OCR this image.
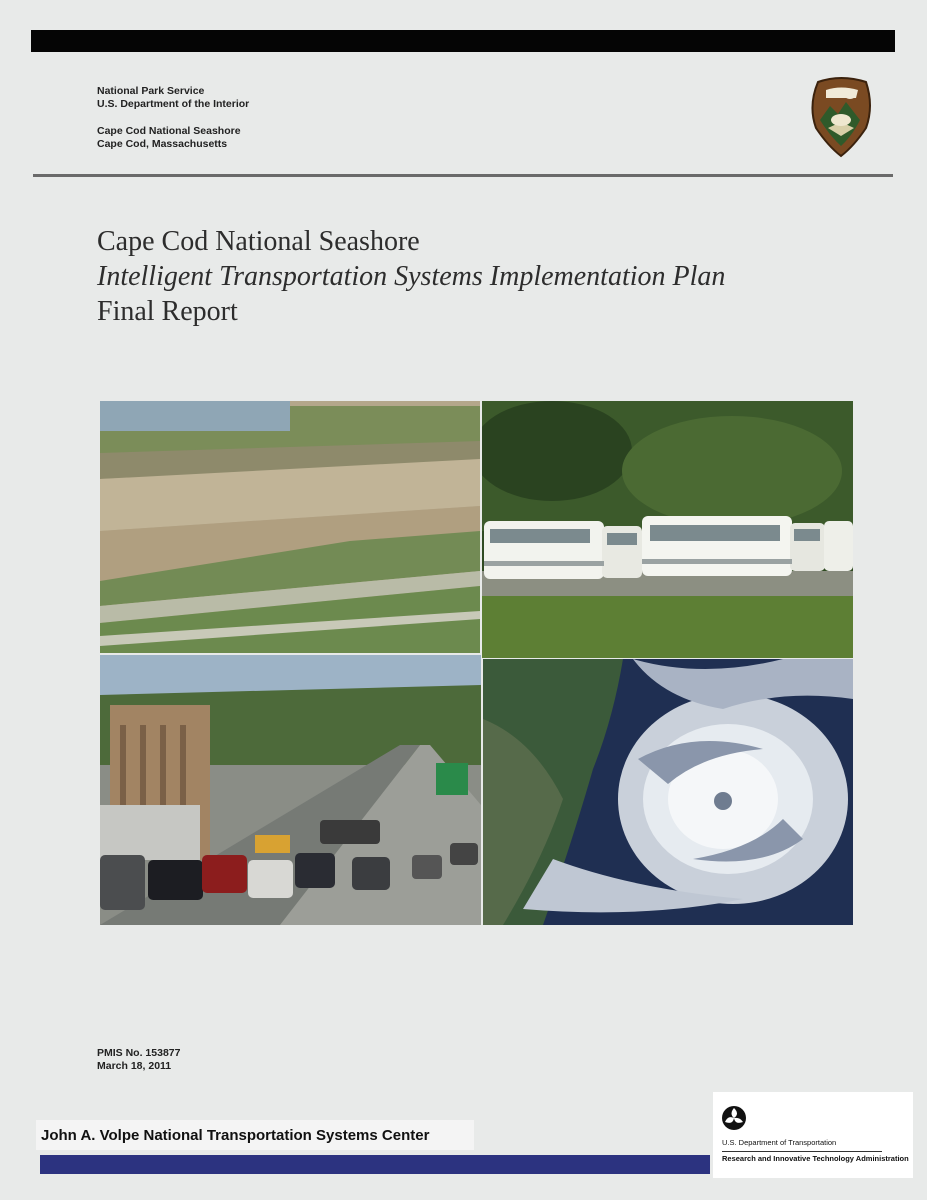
National Park Service
U.S. Department of the Interior
Cape Cod National Seashore
Cape Cod, Massachusetts
Cape Cod National Seashore
Intelligent Transportation Systems Implementation Plan
Final Report
PMIS No. 153877
March 18, 2011
John A. Volpe National Transportation Systems Center	U.S. Department of Transportation
Research and Innovative Technology Administration
